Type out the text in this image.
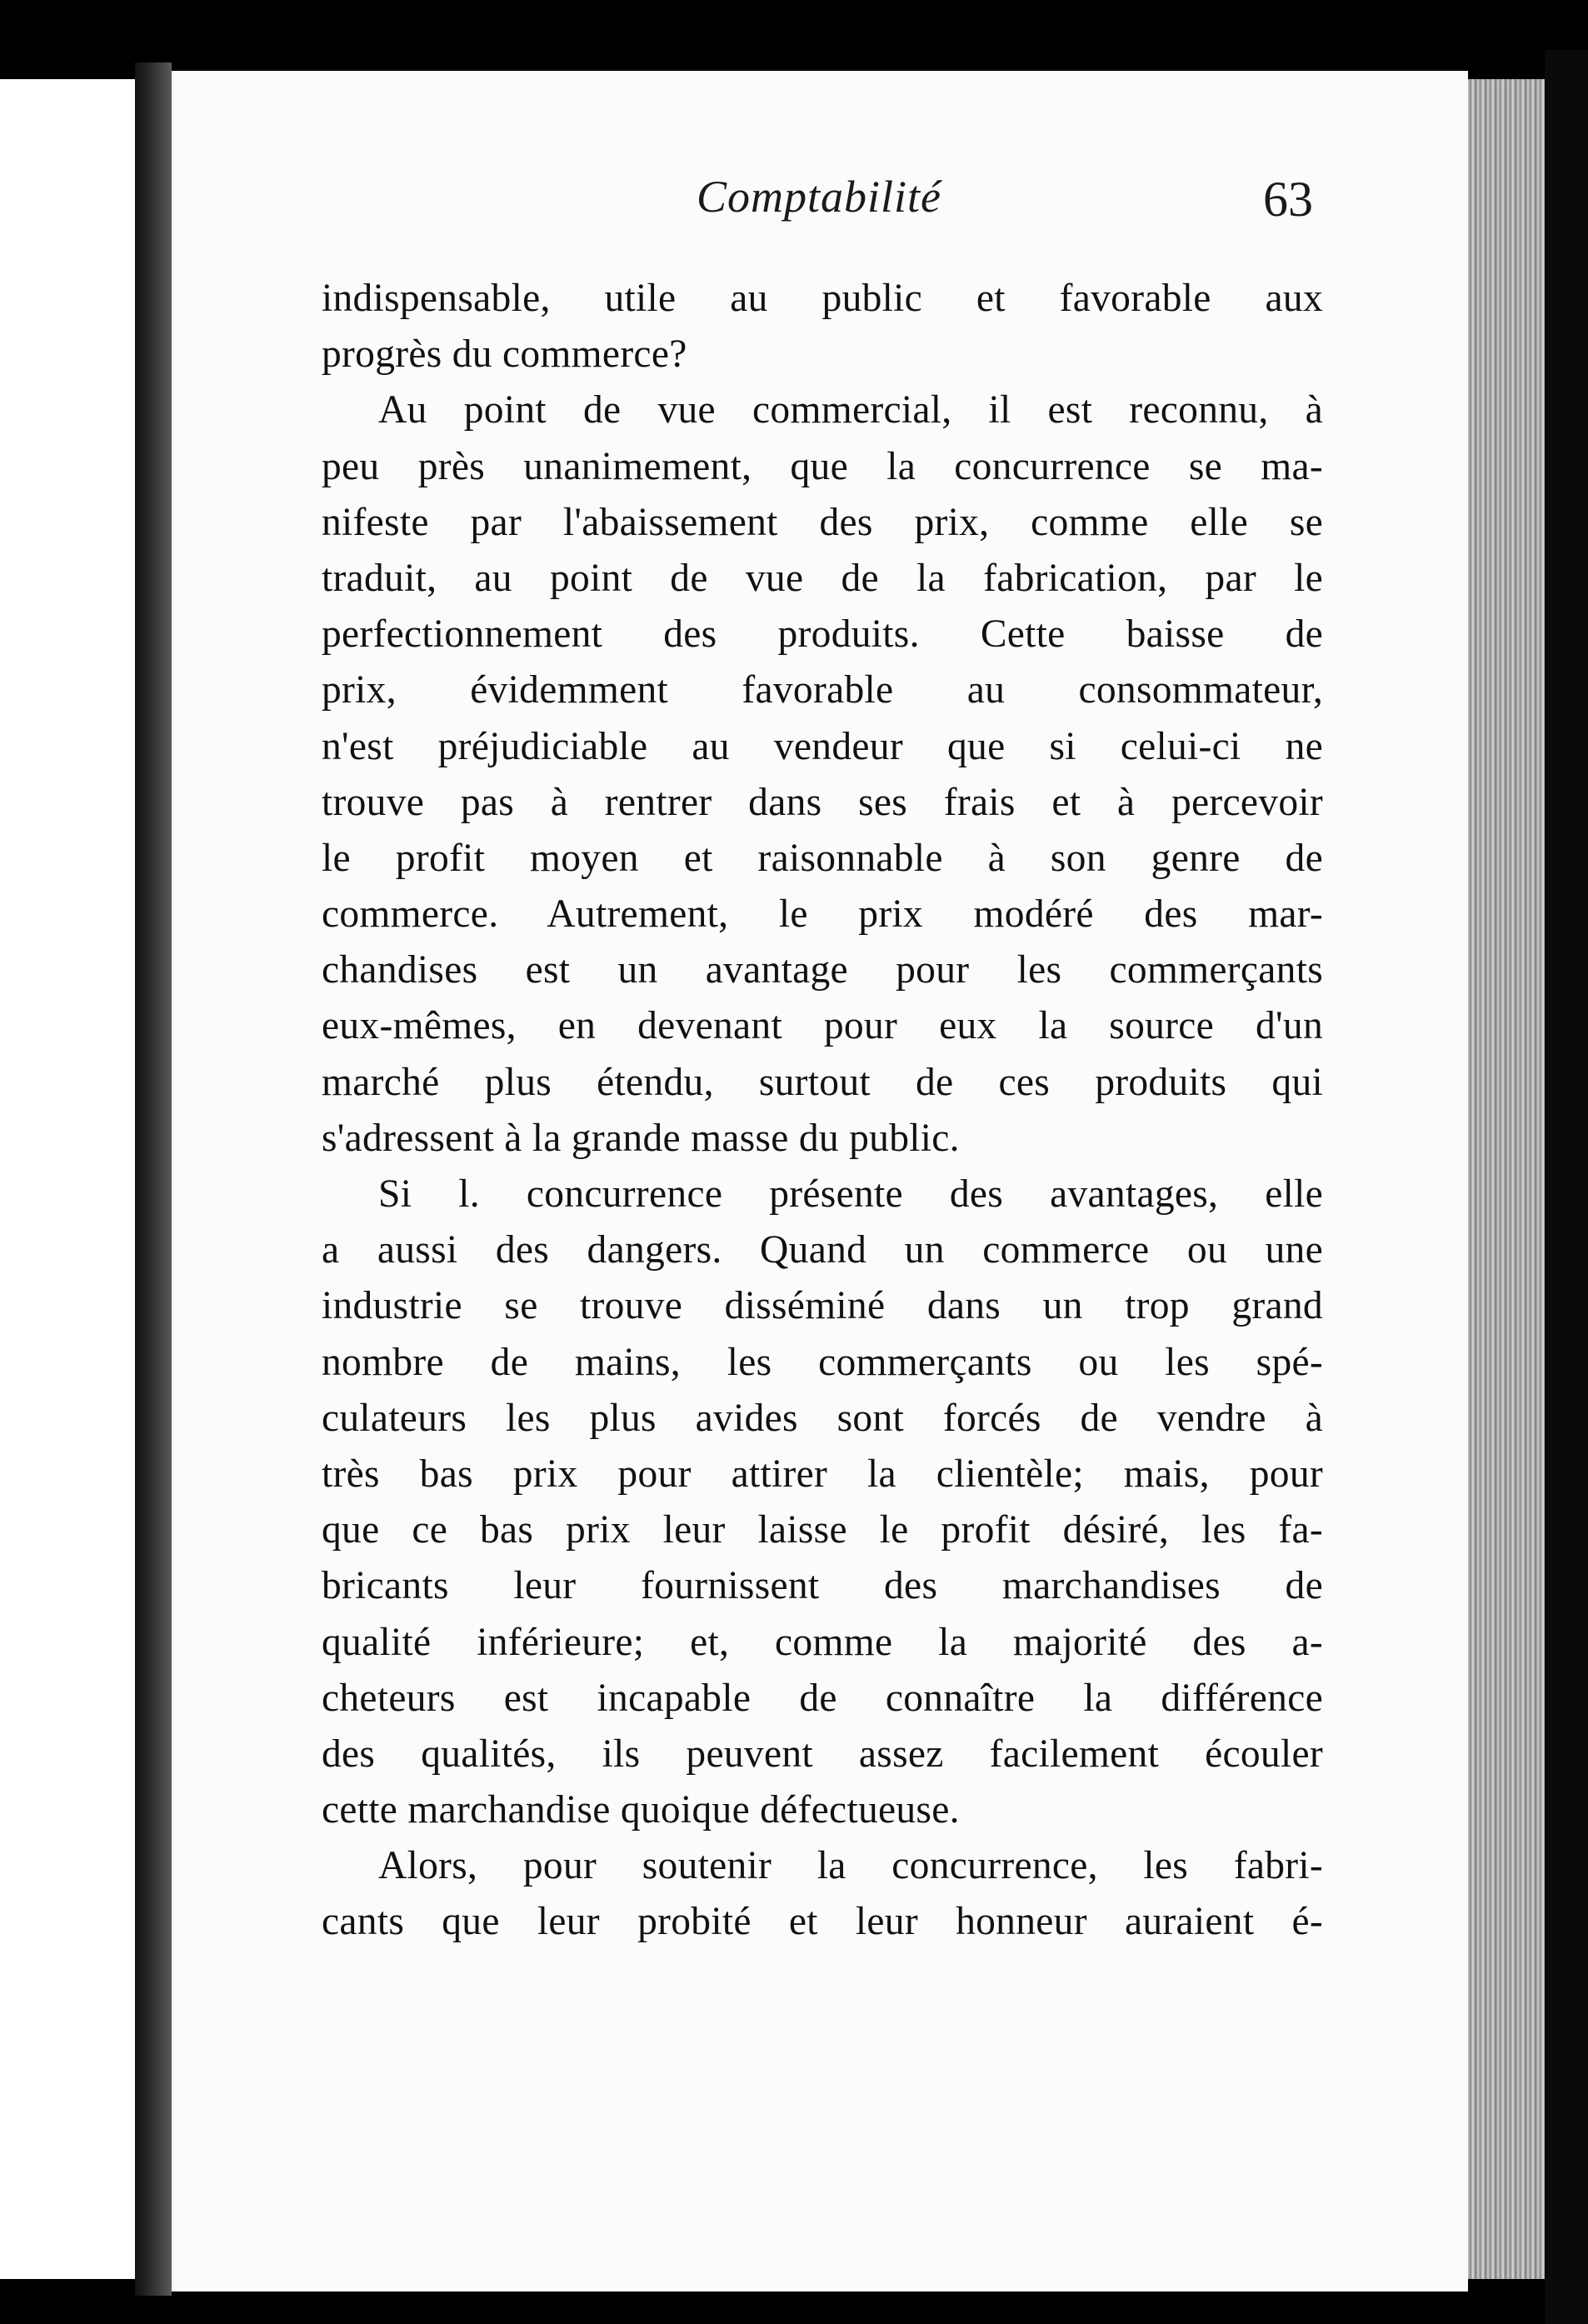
Comptabilité	63
indispensable, utile au public et favorable aux
progrès du commerce?
Au point de vue commercial, il est reconnu, à
peu près unanimement, que la concurrence se ma-
nifeste par l'abaissement des prix, comme elle se
traduit, au point de vue de la fabrication, par le
perfectionnement des produits. Cette baisse de
prix, évidemment favorable au consommateur,
n'est préjudiciable au vendeur que si celui-ci ne
trouve pas à rentrer dans ses frais et à percevoir
le profit moyen et raisonnable à son genre de
commerce. Autrement, le prix modéré des mar-
chandises est un avantage pour les commerçants
eux-mêmes, en devenant pour eux la source d'un
marché plus étendu, surtout de ces produits qui
s'adressent à la grande masse du public.
Si l. concurrence présente des avantages, elle
a aussi des dangers. Quand un commerce ou une
industrie se trouve disséminé dans un trop grand
nombre de mains, les commerçants ou les spé-
culateurs les plus avides sont forcés de vendre à
très bas prix pour attirer la clientèle; mais, pour
que ce bas prix leur laisse le profit désiré, les fa-
bricants leur fournissent des marchandises de
qualité inférieure; et, comme la majorité des a-
cheteurs est incapable de connaître la différence
des qualités, ils peuvent assez facilement écouler
cette marchandise quoique défectueuse.
Alors, pour soutenir la concurrence, les fabri-
cants que leur probité et leur honneur auraient é-
